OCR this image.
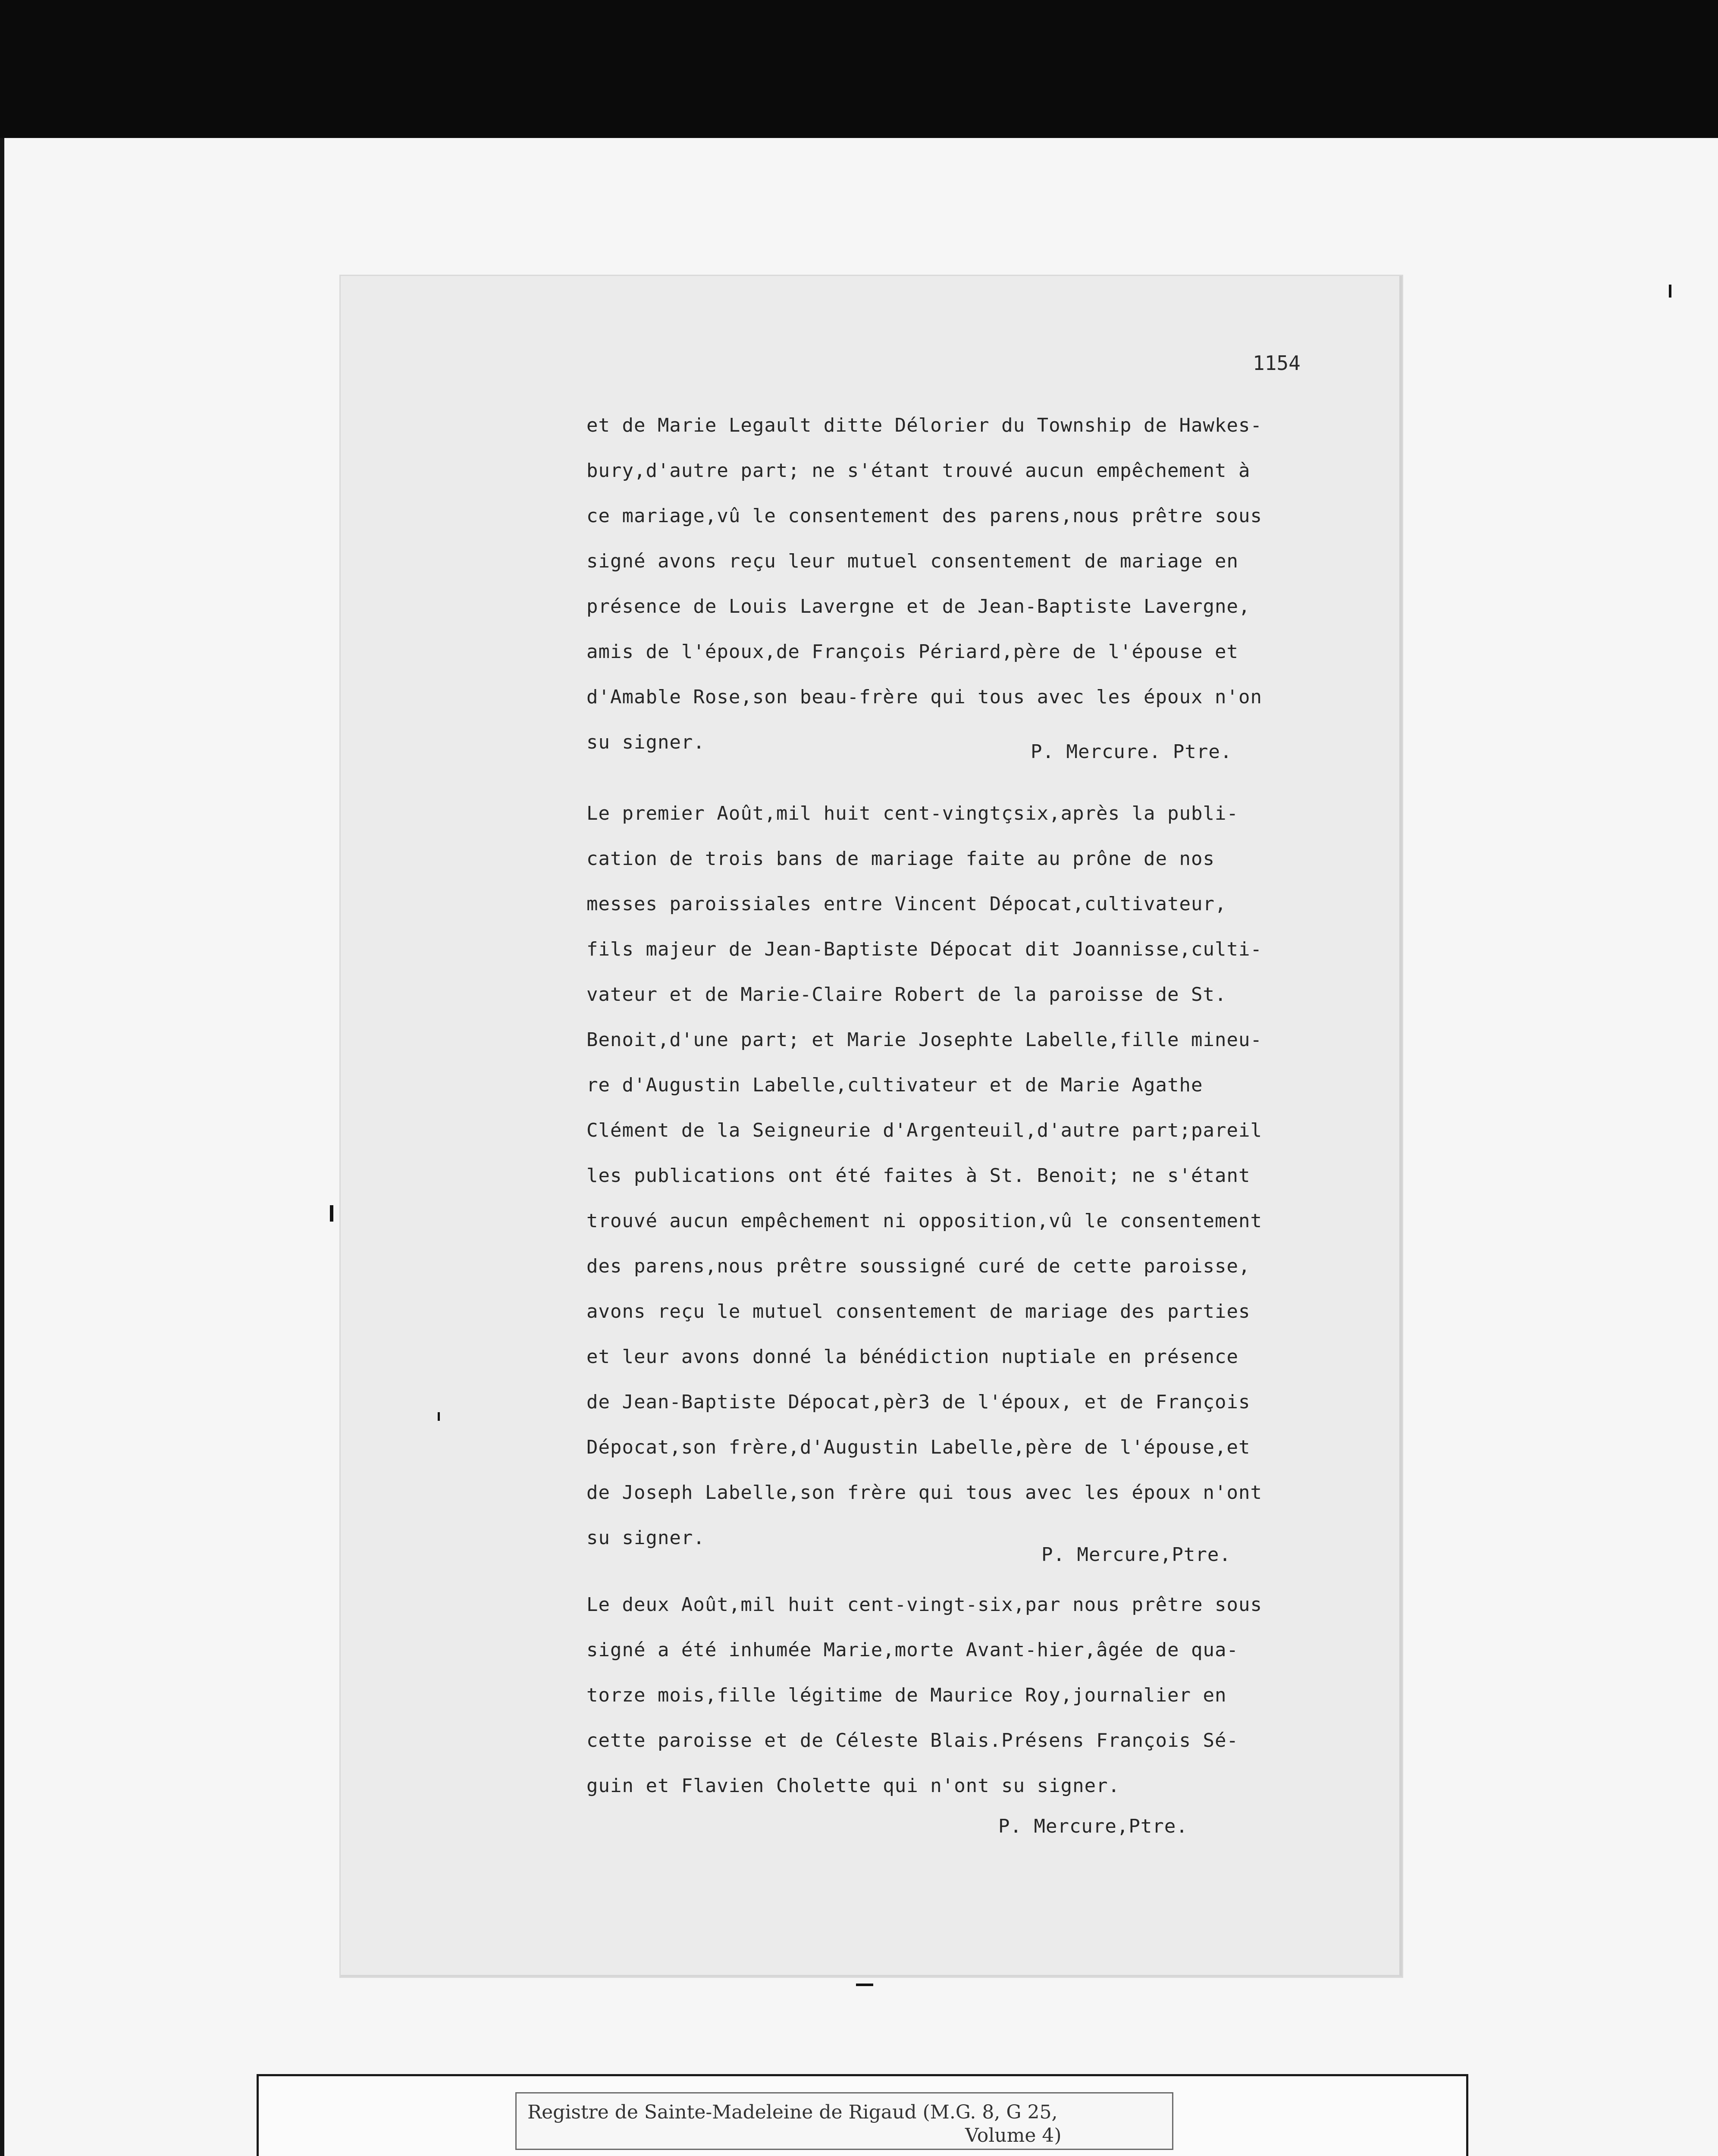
1154
et de Marie Legault ditte Délorier du Township de Hawkes-
bury,d'autre part; ne s'étant trouvé aucun empêchement à
ce mariage,vû le consentement des parens,nous prêtre sous
signé avons reçu leur mutuel consentement de mariage en
présence de Louis Lavergne et de Jean-Baptiste Lavergne,
amis de l'époux,de François Périard,père de l'épouse et
d'Amable Rose,son beau-frère qui tous avec les époux n'on
su signer.	P. Mercure. Ptre.
Le premier Août,mil huit cent-vingtçsix,après la publi-
cation de trois bans de mariage faite au prône de nos
messes paroissiales entre Vincent Dépocat,cultivateur,
fils majeur de Jean-Baptiste Dépocat dit Joannisse,culti-
vateur et de Marie-Claire Robert de la paroisse de St.
Benoit,d'une part; et Marie Josephte Labelle,fille mineu-
re d'Augustin Labelle,cultivateur et de Marie Agathe
Clément de la Seigneurie d'Argenteuil,d'autre part;pareil
les publications ont été faites à St. Benoit; ne s'étant
trouvé aucun empêchement ni opposition,vû le consentement
des parens,nous prêtre soussigné curé de cette paroisse,
avons reçu le mutuel consentement de mariage des parties
et leur avons donné la bénédiction nuptiale en présence
de Jean-Baptiste Dépocat,pèr3 de l'époux, et de François
Dépocat,son frère,d'Augustin Labelle,père de l'épouse,et
de Joseph Labelle,son frère qui tous avec les époux n'ont
su signer.
P. Mercure,Ptre.
Le deux Août,mil huit cent-vingt-six,par nous prêtre sous
signé a été inhumée Marie,morte Avant-hier,âgée de qua-
torze mois,fille légitime de Maurice Roy,journalier en
cette paroisse et de Céleste Blais.Présens François Sé-
guin et Flavien Cholette qui n'ont su signer.
P. Mercure,Ptre.
Registre de Sainte-Madeleine de Rigaud (M.G. 8, G 25,
Volume 4)
